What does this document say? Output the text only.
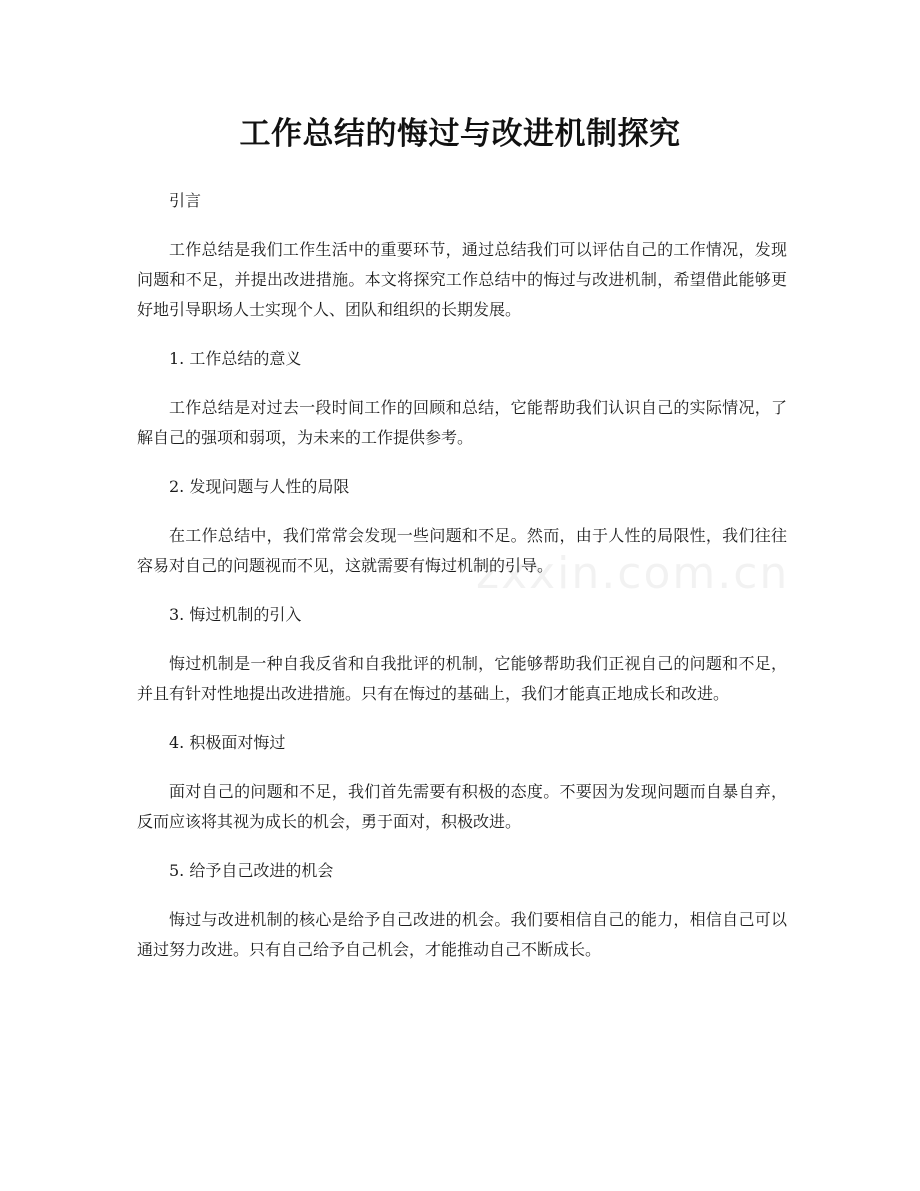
工作总结的悔过与改进机制探究

引言

工作总结是我们工作生活中的重要环节，通过总结我们可以评估自己的工作情况，发现问题和不足，并提出改进措施。本文将探究工作总结中的悔过与改进机制，希望借此能够更好地引导职场人士实现个人、团队和组织的长期发展。

1. 工作总结的意义

工作总结是对过去一段时间工作的回顾和总结，它能帮助我们认识自己的实际情况，了解自己的强项和弱项，为未来的工作提供参考。

2. 发现问题与人性的局限

在工作总结中，我们常常会发现一些问题和不足。然而，由于人性的局限性，我们往往容易对自己的问题视而不见，这就需要有悔过机制的引导。

3. 悔过机制的引入

悔过机制是一种自我反省和自我批评的机制，它能够帮助我们正视自己的问题和不足，并且有针对性地提出改进措施。只有在悔过的基础上，我们才能真正地成长和改进。

4. 积极面对悔过

面对自己的问题和不足，我们首先需要有积极的态度。不要因为发现问题而自暴自弃，反而应该将其视为成长的机会，勇于面对，积极改进。

5. 给予自己改进的机会

悔过与改进机制的核心是给予自己改进的机会。我们要相信自己的能力，相信自己可以通过努力改进。只有自己给予自己机会，才能推动自己不断成长。

zxxin.com.cn
